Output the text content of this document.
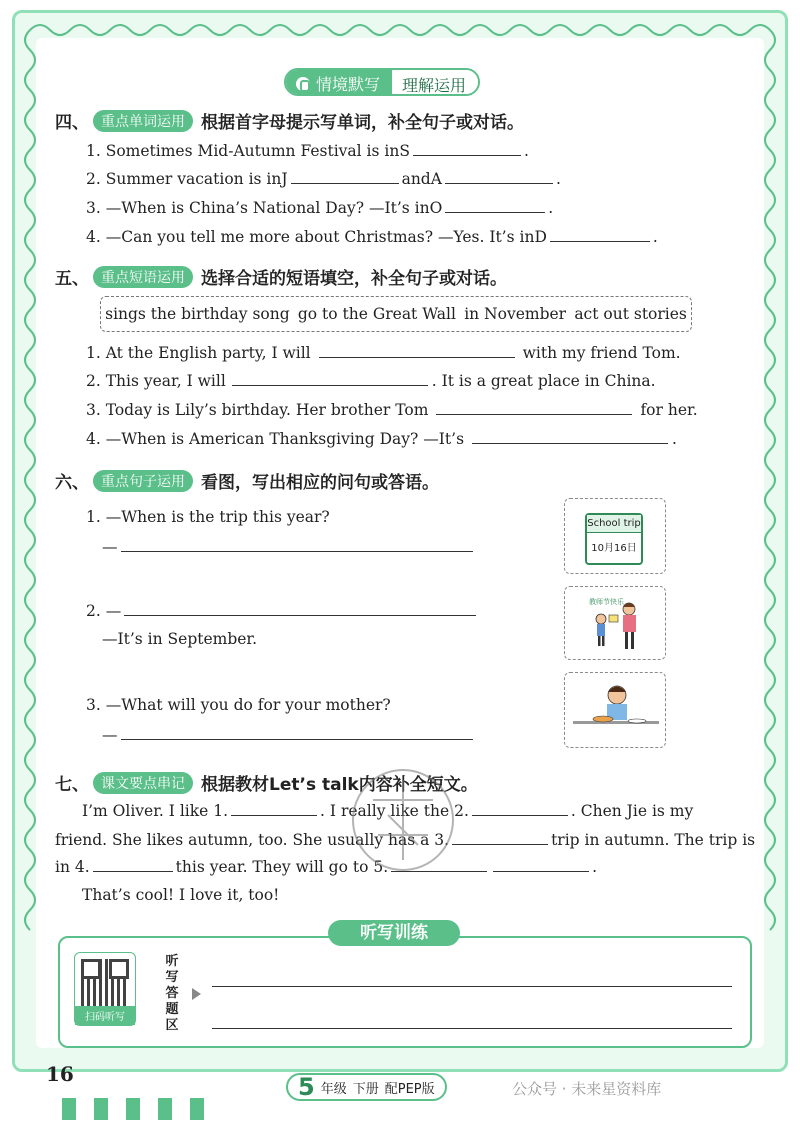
情境默写	理解运用
四、 重点单词运用 根据首字母提示写单词，补全句子或对话。
1. Sometimes Mid-Autumn Festival is in S	.
2. Summer vacation is in J	and A	.
3. —When is China’s National Day? —It’s in O	.
4. —Can you tell me more about Christmas? —Yes. It’s in D	.
五、 重点短语运用 选择合适的短语填空，补全句子或对话。
sings the birthday song go to the Great Wall in November act out stories
1. At the English party, I will	with my friend Tom.
2. This year, I will	. It is a great place in China.
3. Today is Lily’s birthday. Her brother Tom	for her.
4. —When is American Thanksgiving Day? —It’s	.
六、 重点句子运用 看图，写出相应的问句或答语。
1. —When is the trip this year?
—
2. —
—It’s in September.
3. —What will you do for your mother?
—
School trip
10月16日
教师节快乐
七、 课文要点串记 根据教材Let’s talk内容补全短文。
I’m Oliver. I like 1.	. I really like the 2.	. Chen Jie is my
friend. She likes autumn, too. She usually has a 3.	trip in autumn. The trip is
in 4.	this year. They will go to 5.	.
That’s cool! I love it, too!
扫码听写
听写答题区
听写训练
16	5 年级 下册 配PEP版	公众号 · 未来星资料库
